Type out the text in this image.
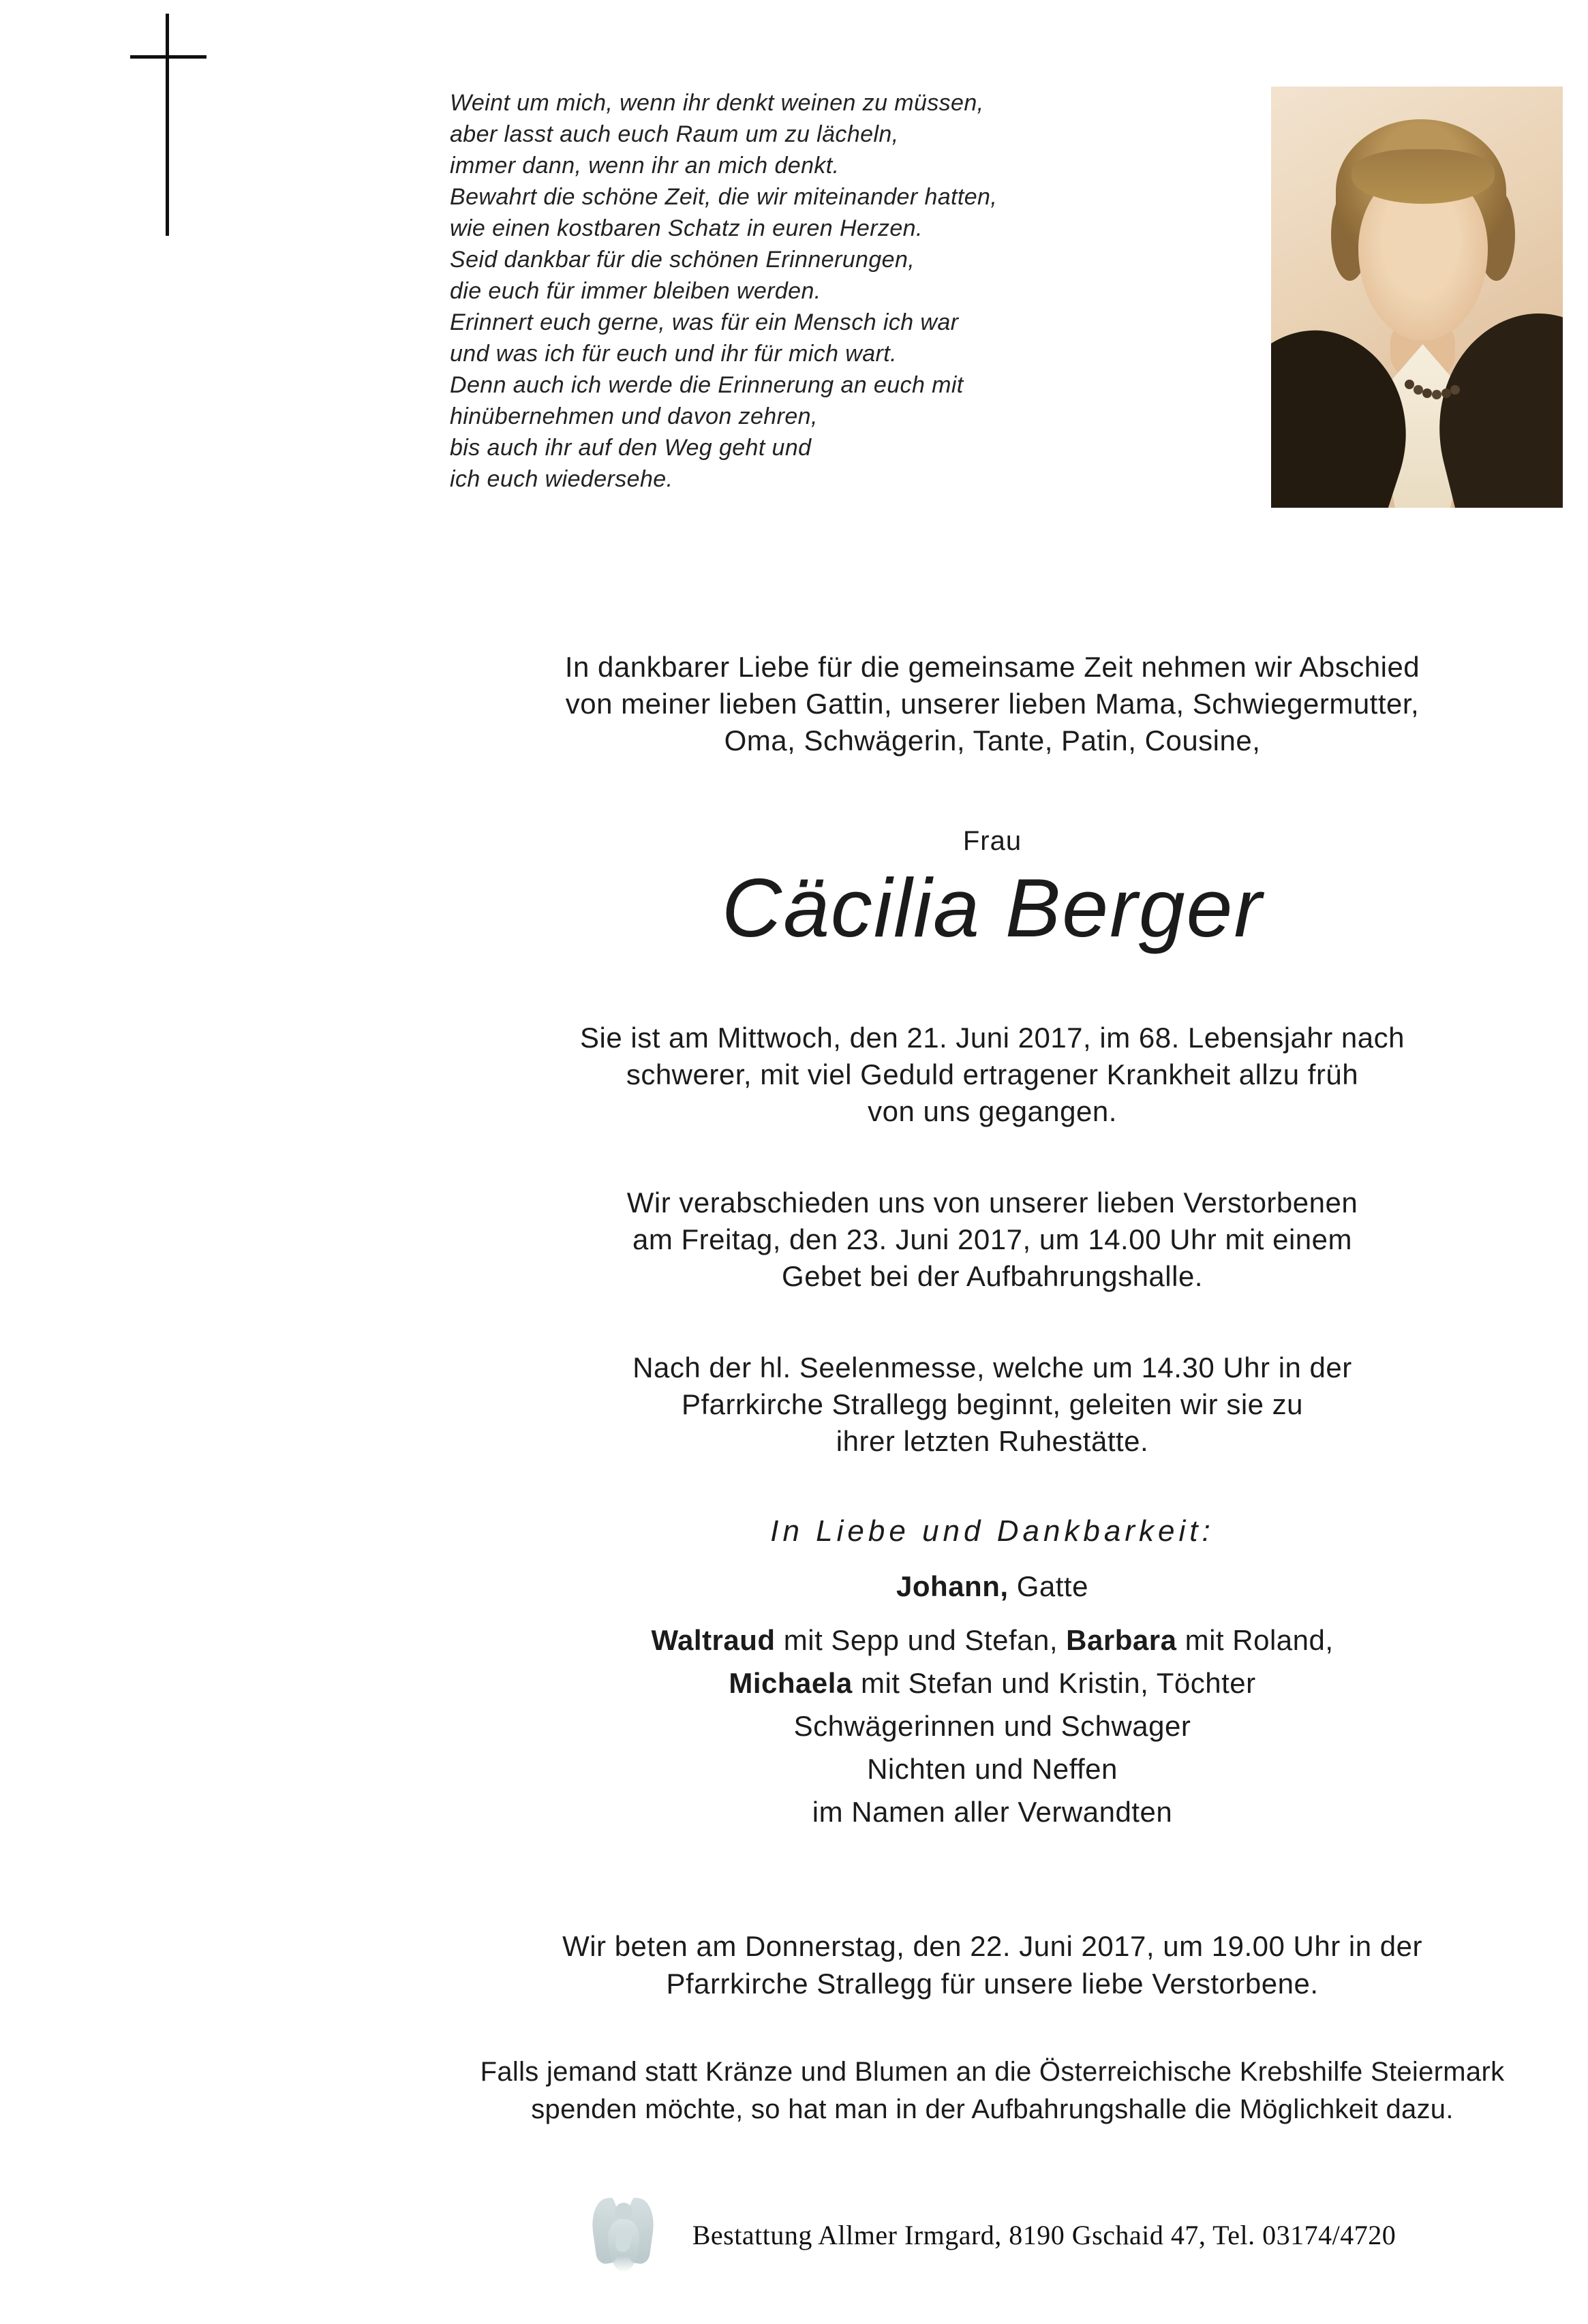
Weint um mich, wenn ihr denkt weinen zu müssen,
aber lasst auch euch Raum um zu lächeln,
immer dann, wenn ihr an mich denkt.
Bewahrt die schöne Zeit, die wir miteinander hatten,
wie einen kostbaren Schatz in euren Herzen.
Seid dankbar für die schönen Erinnerungen,
die euch für immer bleiben werden.
Erinnert euch gerne, was für ein Mensch ich war
und was ich für euch und ihr für mich wart.
Denn auch ich werde die Erinnerung an euch mit
hinübernehmen und davon zehren,
bis auch ihr auf den Weg geht und
ich euch wiedersehe.
In dankbarer Liebe für die gemeinsame Zeit nehmen wir Abschied
von meiner lieben Gattin, unserer lieben Mama, Schwiegermutter,
Oma, Schwägerin, Tante, Patin, Cousine,
Frau
Cäcilia Berger
Sie ist am Mittwoch, den 21. Juni 2017, im 68. Lebensjahr nach
schwerer, mit viel Geduld ertragener Krankheit allzu früh
von uns gegangen.
Wir verabschieden uns von unserer lieben Verstorbenen
am Freitag, den 23. Juni 2017, um 14.00 Uhr mit einem
Gebet bei der Aufbahrungshalle.
Nach der hl. Seelenmesse, welche um 14.30 Uhr in der
Pfarrkirche Strallegg beginnt, geleiten wir sie zu
ihrer letzten Ruhestätte.
In Liebe und Dankbarkeit:
Johann, Gatte
Waltraud mit Sepp und Stefan, Barbara mit Roland,
Michaela mit Stefan und Kristin, Töchter
Schwägerinnen und Schwager
Nichten und Neffen
im Namen aller Verwandten
Wir beten am Donnerstag, den 22. Juni 2017, um 19.00 Uhr in der
Pfarrkirche Strallegg für unsere liebe Verstorbene.
Falls jemand statt Kränze und Blumen an die Österreichische Krebshilfe Steiermark
spenden möchte, so hat man in der Aufbahrungshalle die Möglichkeit dazu.
Bestattung Allmer Irmgard, 8190 Gschaid 47, Tel. 03174/4720
